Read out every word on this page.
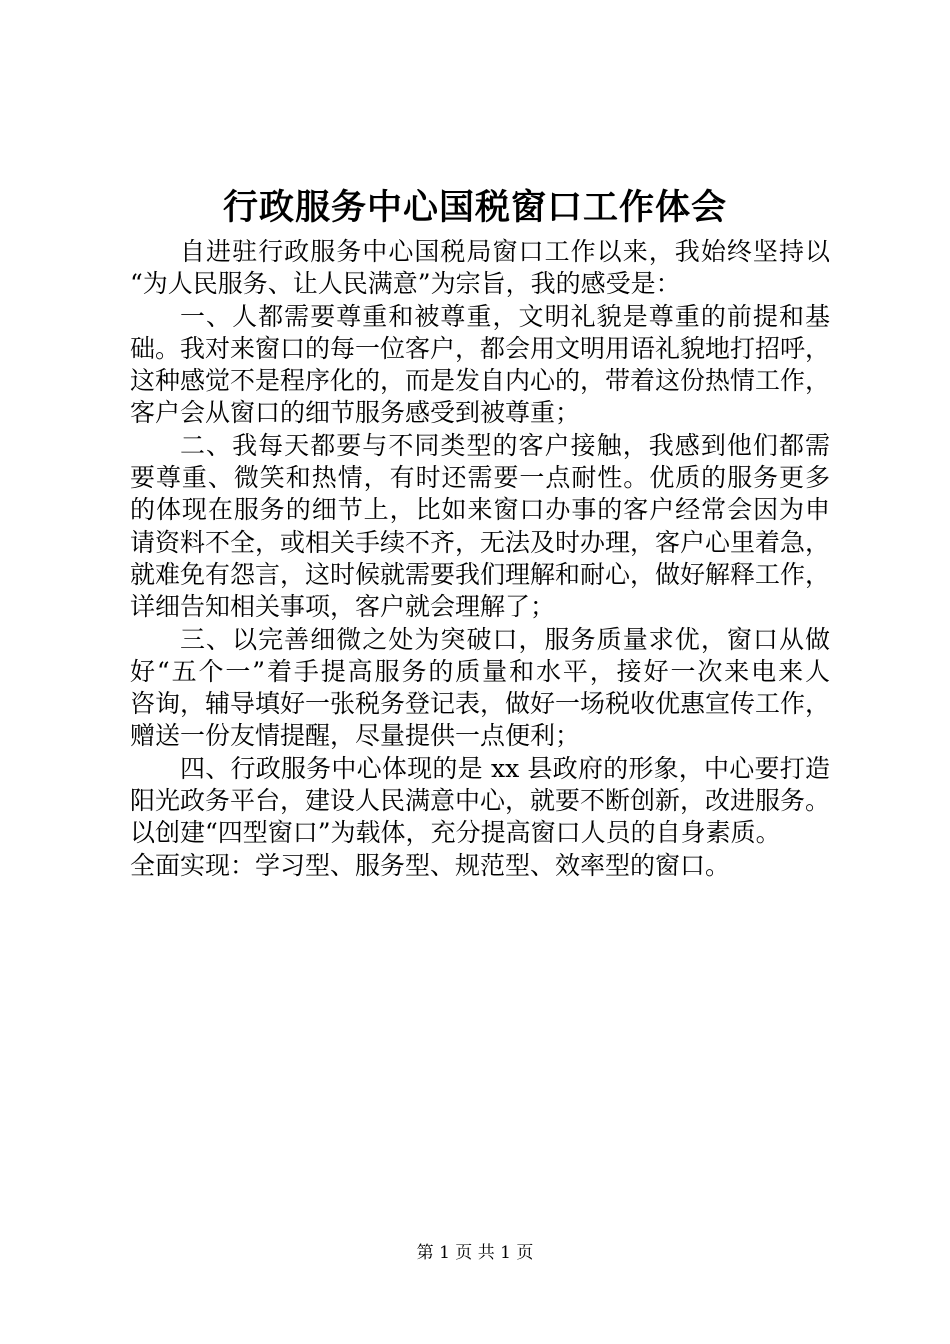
行政服务中心国税窗口工作体会
自进驻行政服务中心国税局窗口工作以来，我始终坚持以
“为人民服务、让人民满意”为宗旨，我的感受是：
一、人都需要尊重和被尊重，文明礼貌是尊重的前提和基
础。我对来窗口的每一位客户，都会用文明用语礼貌地打招呼，
这种感觉不是程序化的，而是发自内心的，带着这份热情工作，
客户会从窗口的细节服务感受到被尊重；
二、我每天都要与不同类型的客户接触，我感到他们都需
要尊重、微笑和热情，有时还需要一点耐性。优质的服务更多
的体现在服务的细节上，比如来窗口办事的客户经常会因为申
请资料不全，或相关手续不齐，无法及时办理，客户心里着急，
就难免有怨言，这时候就需要我们理解和耐心，做好解释工作，
详细告知相关事项，客户就会理解了；
三、以完善细微之处为突破口，服务质量求优，窗口从做
好“五个一”着手提高服务的质量和水平，接好一次来电来人
咨询，辅导填好一张税务登记表，做好一场税收优惠宣传工作，
赠送一份友情提醒，尽量提供一点便利；
四、行政服务中心体现的是 xx 县政府的形象，中心要打造
阳光政务平台，建设人民满意中心，就要不断创新，改进服务。
以创建“四型窗口”为载体，充分提高窗口人员的自身素质。
全面实现：学习型、服务型、规范型、效率型的窗口。
第 1 页 共 1 页
